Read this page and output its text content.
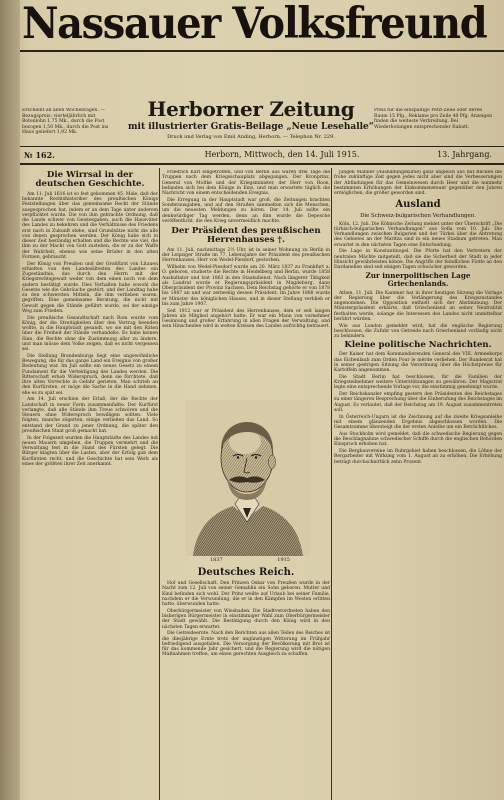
Nassauer Volksfreund
Erscheint an allen Wochentagen. — Bezugspreis: vierteljährlich mit Botenlohn 1,75 Mk., durch die Post bezogen 1,50 Mk., durch die Post ins Haus geliefert 1,92 Mk.
Herborner Zeitung
mit illustrierter Gratis-Beilage „Neue Lesehalle“
Druck und Verlag von Emil Anding, Herborn. — Telephon Nr. 229.
Preis für die einspaltige Petit-Zeile oder deren Raum 15 Pfg., Reklame pro Zeile 40 Pfg. Anzeigen finden die weiteste Verbreitung. Bei Wiederholungen entsprechender Rabatt.
№ 162.	Herborn, Mittwoch, den 14. Juli 1915.	13. Jahrgang.
Die Wirrsal in der deutschen Geschichte.

Am 11. Juli 1616 ist so fest gekommen 45. Male, daß der bekannte Rechtshistoriker des preußischen Königs Feststellungen über das gemeinsame Recht der Stände ausgesprochen hat, indem er an dem Tage unter anderem verpflichtet wurde. Die von ihm gebrachte Ordnung, daß die Lande schwer von Geistesgaben, auch die Hausväter des Landes zu bekehren und die Verhältnisse des Friedens erst nach in Zukunft stehe, sind Grundsätze nicht die alle von denen gesprochen werden. Der König habe sich in dieser Zeit beständig erhalten und die Rechte wie viel, die ihm zu der Macht von Gott zustehen, die er zu der Waffe der Wahrheit, ebenso wie seine Brüder in den alten Formen, gebraucht.

Der König von Preußen und der Großfürst von Litauen erhielten von den Landesältesten des Landes ein Zugeständnis, das durch den Herrn mit der Kriegsrechtsgewalt weder von dem einen noch von dem andern bestätigt wurde. Dies Verhalten habe sowohl die Gesetze wie die Gebräuche gestört, und der Landtag habe zu den schwersten Mitteln, die ihm verliehen waren, gegriffen. Eine gemeinsame Beratung, die nicht mit Gewalt gegen die Stände geführt wurde, sei der einzige Weg zum Frieden.

Die preußische Gesandtschaft nach Rom wurde vom König, der die Streitigkeiten über den Vertrag beenden wollte, in die Hauptstadt gesandt, wo sie mit den Räten über die Freiheit der Stände verhandelte. Es habe keinen Sinn, die Rechte ohne die Zustimmung aller zu ändern, und man müsse dem Volke zeigen, daß es nicht vergessen sei.

Die Stellung Brandenburgs liegt eine ungewöhnliche Bewegung, die für das ganze Land ein Ereignis von großer Bedeutung war. Im Juli sollte ein neues Gesetz zu einem Fundament für die Verteidigung des Landes werden. Die Ritterschaft erhob Widerspruch, denn sie fürchtete, daß ihre alten Vorrechte in Gefahr gerieten. Man schrieb an den Kurfürsten, er möge die Sache in die Hand nehmen, ehe es zu spät sei.

Am 14. Juli erschien der Erlaß, der die Rechte der Landschaft in neuer Form zusammenfaßte. Der Kurfürst verlangte, daß alle Stände ihm Treue schwören und die Steuern ohne Widerspruch bewilligen sollten. Viele folgten, manche zögerten, einige verließen das Land. So entstand der Grund zu jener Ordnung, die später den preußischen Staat groß gemacht hat.

In der Folgezeit wurden die Hauptstädte des Landes mit neuen Mauern umgeben, die Truppen vermehrt und die Verwaltung fest in die Hand des Fürsten gelegt. Die Bürger klagten über die Lasten, aber der Erfolg gab dem Kurfürsten recht, und die Geschichte hat sein Werk als eines der größten ihrer Zeit anerkannt.

Friedrich Karl eingetroffen, und von Berlin aus waren drei Tage die Truppen nach dem Kriegsschauplatz abgegangen. Der Kronprinz, General von Moltke und der Kriegsminister, der Herr von Roon, befanden sich bei dem Könige in Ems, und man erwartete täglich die Nachricht von einem entscheidenden Ereignis.

Die Erregung in der Hauptstadt war groß, die Zeitungen brachten Sonderausgaben, und auf den Straßen sammelten sich die Menschen, um die neuesten Meldungen zu hören. Der 14. Juli sollte ein denkwürdiger Tag werden, denn an ihm wurde die Depesche veröffentlicht, die den Krieg unvermeidlich machte.

Der Präsident des preußischen Herrenhauses †.

Am 11. Juli, nachmittags 2½ Uhr, ist in seiner Wohnung zu Berlin in der Leipziger Straße im 77. Lebensjahre der Präsident des preußischen Herrenhauses, Herr von Wedel-Piesdorf, gestorben.

Wilhelm von Wedel-Piesdorf wurde am 20. März 1837 zu Frankfurt a. O. geboren, studierte die Rechte in Heidelberg und Berlin, wurde 1858 Auskultator und trat 1863 in den Staatsdienst. Nach längerer Tätigkeit als Landrat wurde er Regierungspräsident in Magdeburg, dann Oberpräsident der Provinz Sachsen. Dem Reichstag gehörte er von 1878 bis 1887 an und war zeitweilig dessen Präsident. Im Jahre 1888 wurde er Minister des königlichen Hauses, und in dieser Stellung verblieb er bis zum Jahre 1907.

Seit 1912 war er Präsident des Herrenhauses, dem er seit langen Jahren als Mitglied angehört hatte. Er war ein Mann von vornehmer Gesinnung und großer Erfahrung in allen Fragen der Verwaltung, und sein Hinscheiden wird in weiten Kreisen des Landes aufrichtig betrauert.

1837	1915
Deutsches Reich.

Hof und Gesellschaft. Den Prinzen Oskar von Preußen wurde in der Nacht zum 12. Juli von seiner Gemahlin ein Sohn geboren. Mutter und Kind befinden sich wohl. Der Prinz weilte auf Urlaub bei seiner Familie, nachdem er die Verwundung, die er in den Kämpfen im Westen erlitten hatte, überwunden hatte.

Oberbürgermeister von Wiesbaden. Die Stadtverordneten haben den bisherigen Bürgermeister in einstimmiger Wahl zum Oberbürgermeister der Stadt gewählt. Die Bestätigung durch den König wird in den nächsten Tagen erwartet.

Die Getreideernte. Nach den Berichten aus allen Teilen des Reiches ist die diesjährige Ernte trotz der ungünstigen Witterung im Frühjahr befriedigend ausgefallen. Die Versorgung der Bevölkerung mit Brot ist für das kommende Jahr gesichert, und die Regierung wird die nötigen Maßnahmen treffen, um einen gerechten Ausgleich zu schaffen.

jungen Männer (Ausbildungskurse) ganz ungleich aus mit Blicken die frohe zukünftige Zeit gegen jedes nicht aber sind die Verbesserungen der Abfindungen für das Gemeinwesen durch Heer und die nunmehr bestimmten Erhöhungen der Einkommensteuer gegenüber den Jahren ermöglichen, die größer geworden sind.

Ausland
Die Schweiz-bulgarischen Verhandlungen.

Köln, 12. Juli. Die Kölnische Zeitung meldet unter der Überschrift „Die türkisch-bulgarischen Verhandlungen“ aus Sofia vom 10. Juli: Die Verhandlungen zwischen Bulgarien und der Türkei über die Abtretung des Gebietes an der Maritza sind in ein neues Stadium getreten. Man erwartet in den nächsten Tagen eine Entscheidung.

Die Lage in Konstantinopel. Die Pforte hat den Vertretern der neutralen Mächte mitgeteilt, daß sie die Sicherheit der Stadt in jeder Hinsicht gewährleisten könne. Die Angriffe der feindlichen Flotte an den Dardanellen sind seit einigen Tagen schwächer geworden.

Zur innerpolitischen Lage Griechenlands.

Athen, 11. Juli. Die Kammer hat in ihrer heutigen Sitzung die Vorlage der Regierung über die Verlängerung des Kriegszustandes angenommen. Die Opposition enthielt sich der Abstimmung. Der Ministerpräsident erklärte, daß Griechenland an seiner Neutralität festhalten werde, solange die Interessen des Landes nicht unmittelbar berührt würden.

Wie aus London gemeldet wird, hat die englische Regierung beschlossen, die Zufuhr von Getreide nach Griechenland vorläufig nicht zu behindern.

Kleine politische Nachrichten.

Der Kaiser hat dem Kommandierenden General des VIII. Armeekorps das Eichenlaub zum Orden Pour le mérite verliehen. Der Bundesrat hat in seiner gestrigen Sitzung die Verordnung über die Höchstpreise für Kartoffeln angenommen.

Die Stadt Berlin hat beschlossen, für die Familien der Kriegsteilnehmer weitere Unterstützungen zu gewähren. Der Magistrat legte eine entsprechende Vorlage vor, die einstimmig genehmigt wurde.

Der Reichskanzler empfing gestern den Präsidenten des Reichstages zu einer längeren Besprechung über die Einberufung des Reichstages im August. Es verlautet, daß der Reichstag am 19. August zusammentreten soll.

In Österreich-Ungarn ist die Zeichnung auf die zweite Kriegsanleihe mit einem glänzenden Ergebnis abgeschlossen worden. Die Gesamtsumme übersteigt die der ersten Anleihe um ein Beträchtliches.

Aus Stockholm wird gemeldet, daß die schwedische Regierung gegen die Beschlagnahme schwedischer Schiffe durch die englischen Behörden Einspruch erhoben hat.

Die Bergbauvereine im Ruhrgebiet haben beschlossen, die Löhne der Bergarbeiter mit Wirkung vom 1. August an zu erhöhen. Die Erhöhung beträgt durchschnittlich zehn Prozent.
